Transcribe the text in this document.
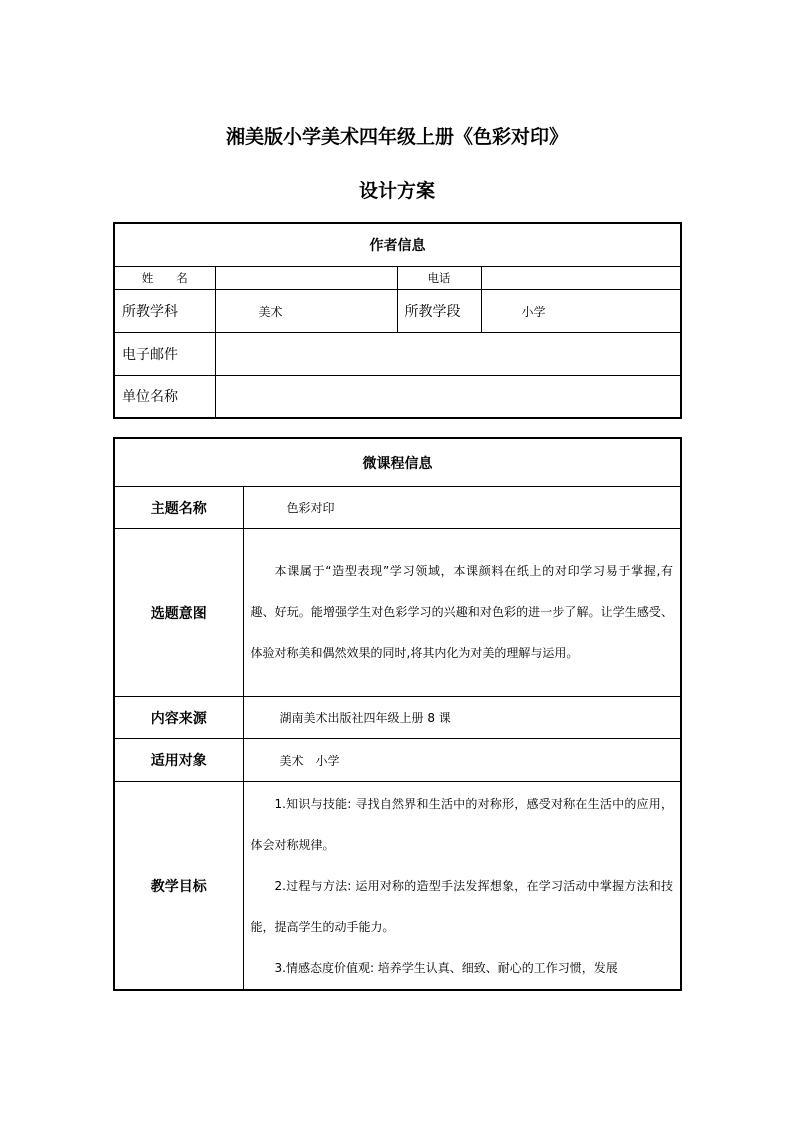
湘美版小学美术四年级上册《色彩对印》
设计方案
作者信息			
姓　　名		电话	
所教学科	美术	所教学段	小学
电子邮件			
单位名称			
微课程信息	
主题名称	色彩对印
选题意图	本课属于“造型表现”学习领域，本课颜料在纸上的对印学习易于掌握,有趣、好玩。能增强学生对色彩学习的兴趣和对色彩的进一步了解。让学生感受、体验对称美和偶然效果的同时,将其内化为对美的理解与运用。

内容来源	湖南美术出版社四年级上册 8 课
适用对象	美术　小学
教学目标	1.知识与技能: 寻找自然界和生活中的对称形，感受对称在生活中的应用，体会对称规律。

2.过程与方法: 运用对称的造型手法发挥想象，在学习活动中掌握方法和技能，提高学生的动手能力。

3.情感态度价值观: 培养学生认真、细致、耐心的工作习惯，发展
